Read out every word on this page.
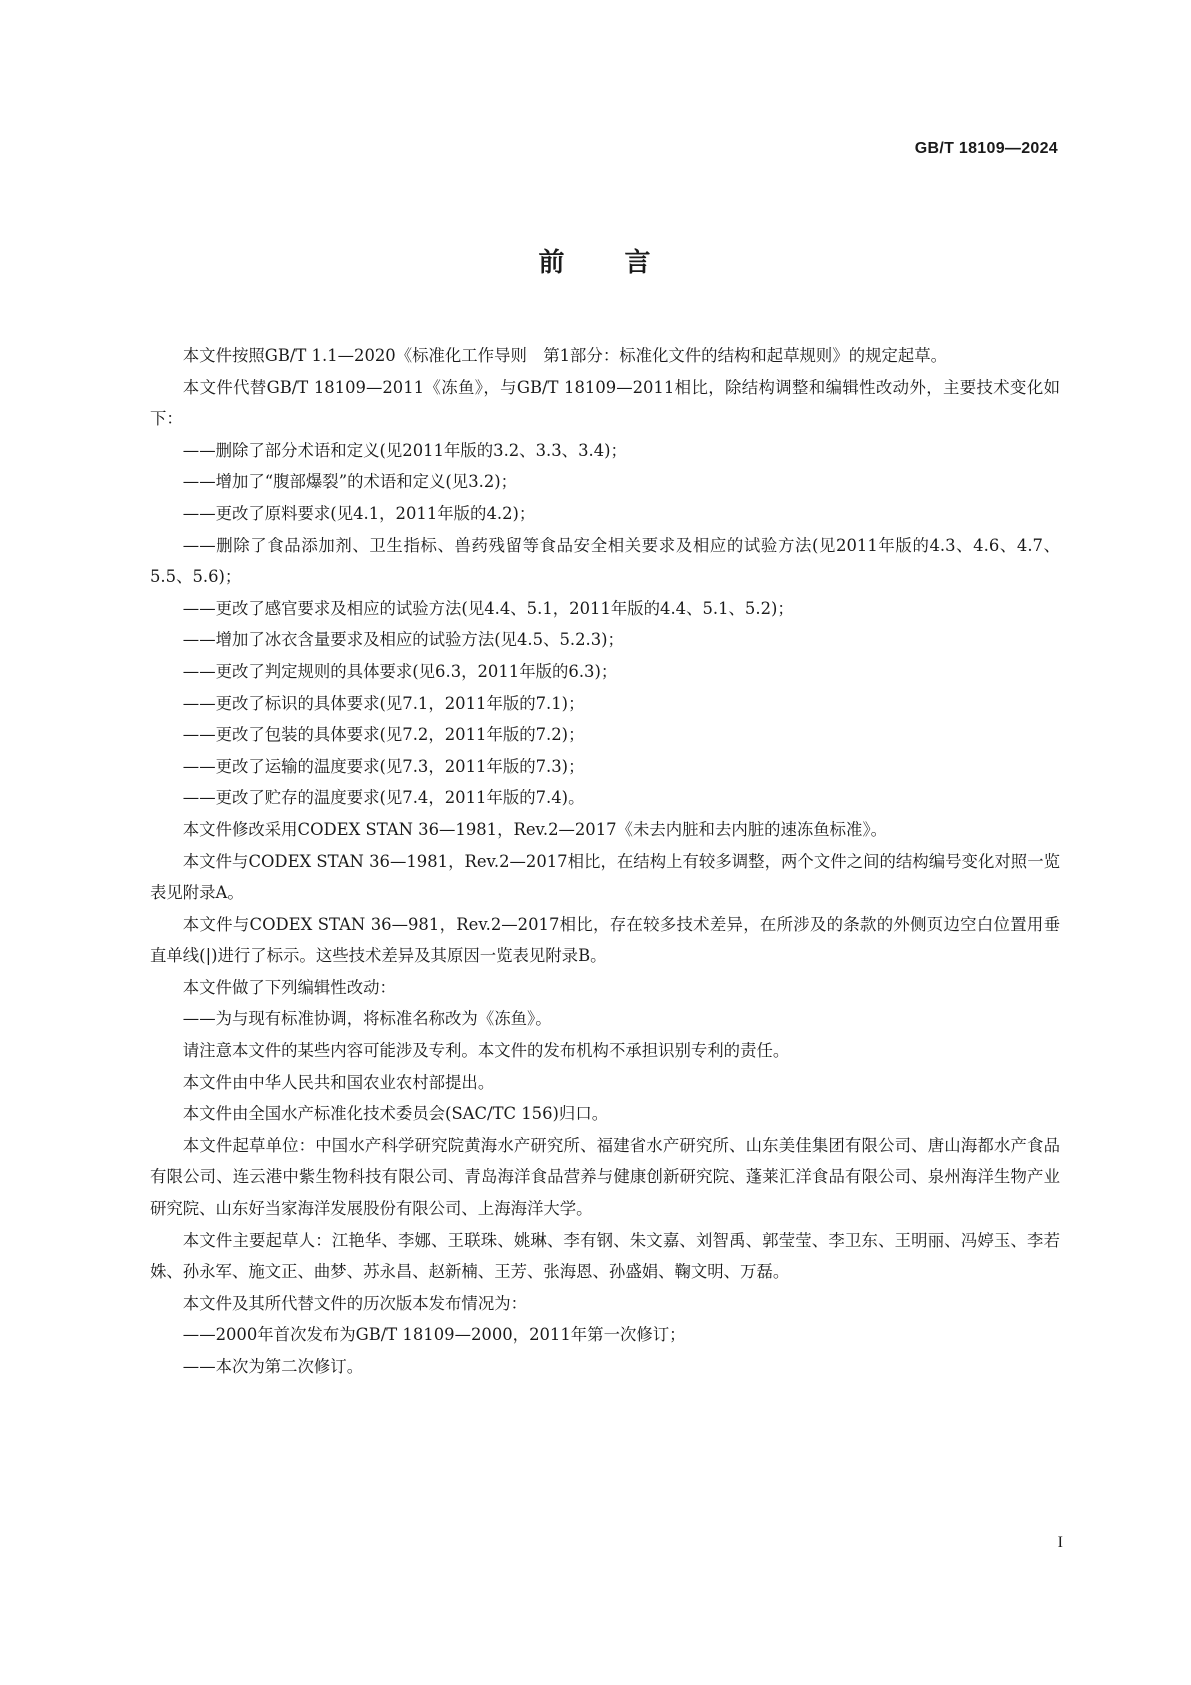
GB/T 18109—2024
前 言

本文件按照GB/T 1.1—2020《标准化工作导则　第1部分：标准化文件的结构和起草规则》的规定起草。

本文件代替GB/T 18109—2011《冻鱼》，与GB/T 18109—2011相比，除结构调整和编辑性改动外，主要技术变化如下：

——删除了部分术语和定义(见2011年版的3.2、3.3、3.4)；

——增加了“腹部爆裂”的术语和定义(见3.2)；

——更改了原料要求(见4.1，2011年版的4.2)；

——删除了食品添加剂、卫生指标、兽药残留等食品安全相关要求及相应的试验方法(见2011年版的4.3、4.6、4.7、5.5、5.6)；

——更改了感官要求及相应的试验方法(见4.4、5.1，2011年版的4.4、5.1、5.2)；

——增加了冰衣含量要求及相应的试验方法(见4.5、5.2.3)；

——更改了判定规则的具体要求(见6.3，2011年版的6.3)；

——更改了标识的具体要求(见7.1，2011年版的7.1)；

——更改了包装的具体要求(见7.2，2011年版的7.2)；

——更改了运输的温度要求(见7.3，2011年版的7.3)；

——更改了贮存的温度要求(见7.4，2011年版的7.4)。

本文件修改采用CODEX STAN 36—1981，Rev.2—2017《未去内脏和去内脏的速冻鱼标准》。

本文件与CODEX STAN 36—1981，Rev.2—2017相比，在结构上有较多调整，两个文件之间的结构编号变化对照一览表见附录A。

本文件与CODEX STAN 36—981，Rev.2—2017相比，存在较多技术差异，在所涉及的条款的外侧页边空白位置用垂直单线(|)进行了标示。这些技术差异及其原因一览表见附录B。

本文件做了下列编辑性改动：

——为与现有标准协调，将标准名称改为《冻鱼》。

请注意本文件的某些内容可能涉及专利。本文件的发布机构不承担识别专利的责任。

本文件由中华人民共和国农业农村部提出。

本文件由全国水产标准化技术委员会(SAC/TC 156)归口。

本文件起草单位：中国水产科学研究院黄海水产研究所、福建省水产研究所、山东美佳集团有限公司、唐山海都水产食品有限公司、连云港中紫生物科技有限公司、青岛海洋食品营养与健康创新研究院、蓬莱汇洋食品有限公司、泉州海洋生物产业研究院、山东好当家海洋发展股份有限公司、上海海洋大学。

本文件主要起草人：江艳华、李娜、王联珠、姚琳、李有钢、朱文嘉、刘智禹、郭莹莹、李卫东、王明丽、冯婷玉、李若姝、孙永军、施文正、曲梦、苏永昌、赵新楠、王芳、张海恩、孙盛娟、鞠文明、万磊。

本文件及其所代替文件的历次版本发布情况为：

——2000年首次发布为GB/T 18109—2000，2011年第一次修订；

——本次为第二次修订。

I
